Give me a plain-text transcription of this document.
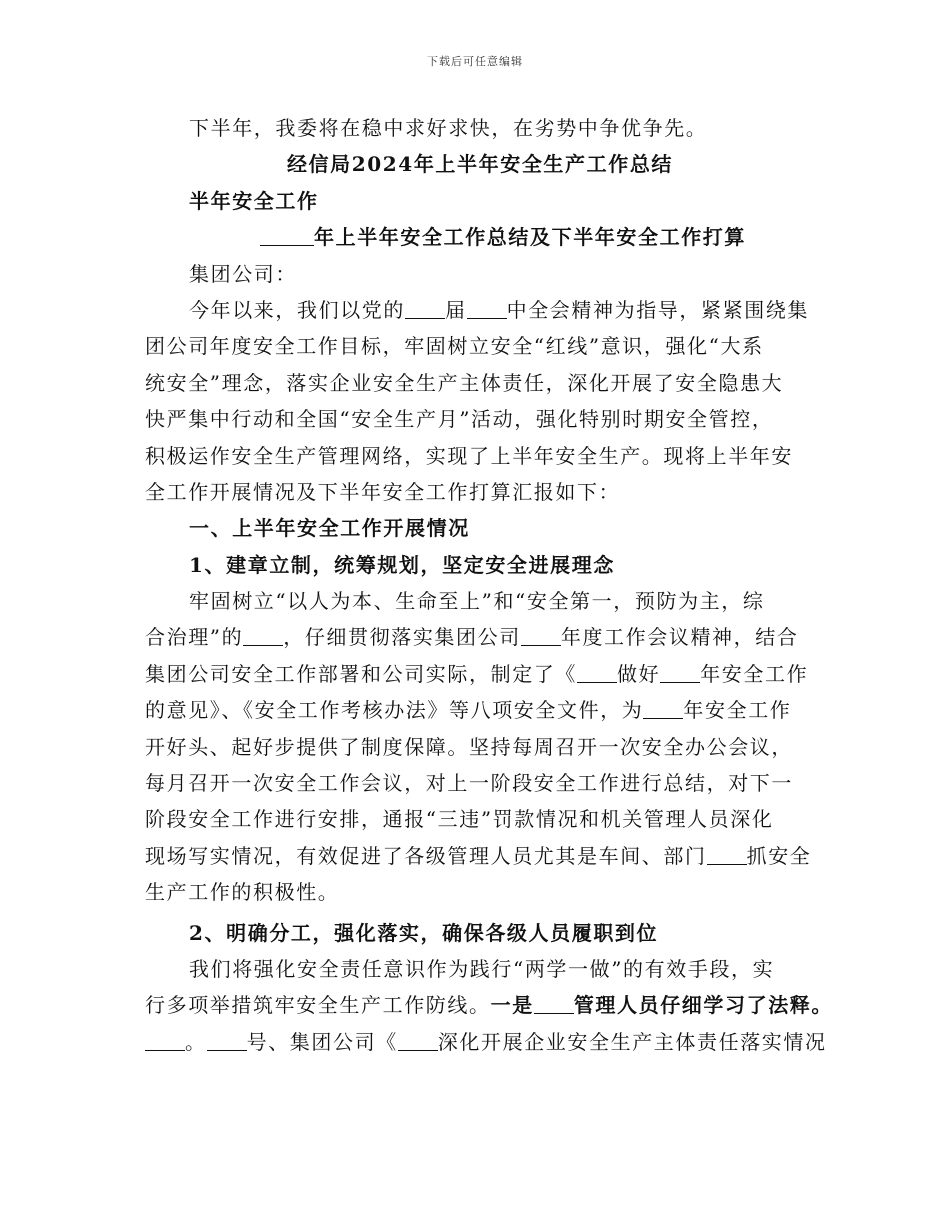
下载后可任意编辑
下半年，我委将在稳中求好求快，在劣势中争优争先。
经信局2024年上半年安全生产工作总结
半年安全工作
年上半年安全工作总结及下半年安全工作打算
集团公司：
今年以来，我们以党的 届 中全会精神为指导，紧紧围绕集
团公司年度安全工作目标，牢固树立安全“红线”意识，强化“大系
统安全”理念，落实企业安全生产主体责任，深化开展了安全隐患大
快严集中行动和全国“安全生产月”活动，强化特别时期安全管控，
积极运作安全生产管理网络，实现了上半年安全生产。现将上半年安
全工作开展情况及下半年安全工作打算汇报如下：
一、上半年安全工作开展情况
1、建章立制，统筹规划，坚定安全进展理念
牢固树立“以人为本、生命至上”和“安全第一，预防为主，综
合治理”的 ，仔细贯彻落实集团公司 年度工作会议精神，结合
集团公司安全工作部署和公司实际，制定了《 做好 年安全工作
的意见》、《安全工作考核办法》等八项安全文件，为 年安全工作
开好头、起好步提供了制度保障。坚持每周召开一次安全办公会议，
每月召开一次安全工作会议，对上一阶段安全工作进行总结，对下一
阶段安全工作进行安排，通报“三违”罚款情况和机关管理人员深化
现场写实情况，有效促进了各级管理人员尤其是车间、部门 抓安全
生产工作的积极性。
2、明确分工，强化落实，确保各级人员履职到位
我们将强化安全责任意识作为践行“两学一做”的有效手段，实
行多项举措筑牢安全生产工作防线。一是 管理人员仔细学习了法释。
。 号、集团公司《 深化开展企业安全生产主体责任落实情况
